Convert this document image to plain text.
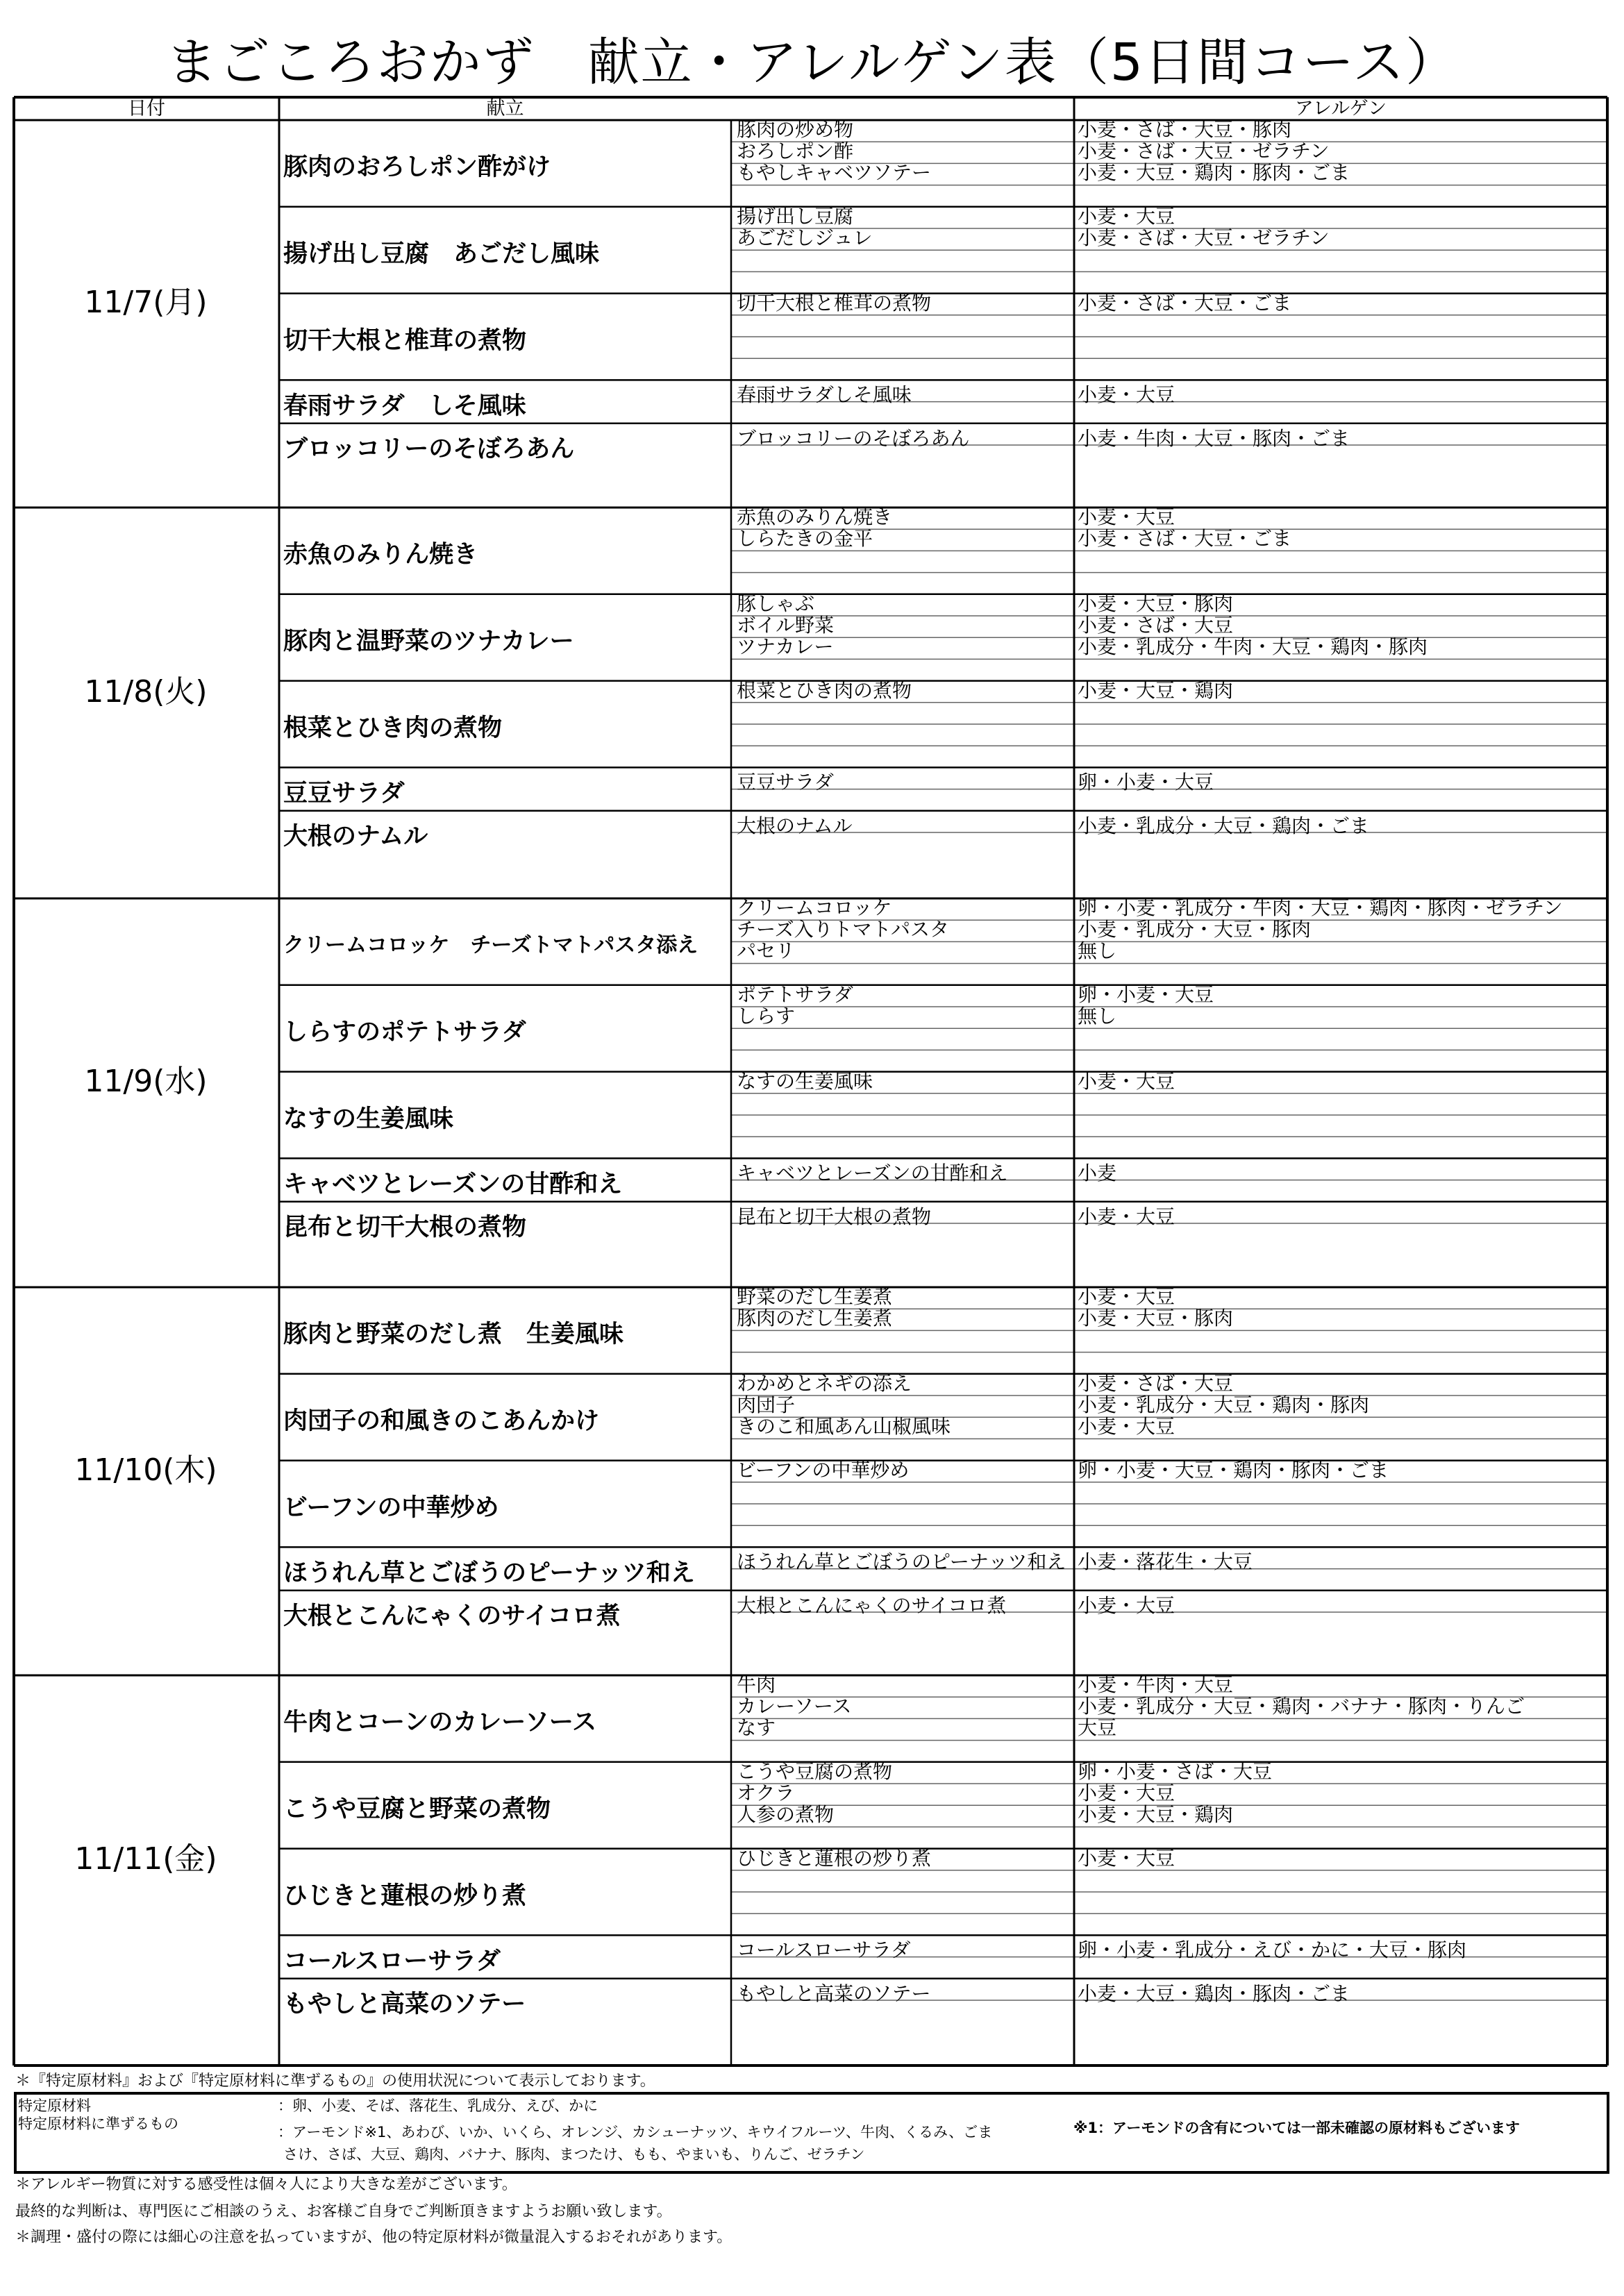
まごころおかず　献立・アレルゲン表（5日間コース）
日付	献立	アレルゲン
11/7(月)
豚肉のおろしポン酢がけ
豚肉の炒め物	小麦・さば・大豆・豚肉
おろしポン酢	小麦・さば・大豆・ゼラチン
もやしキャベツソテー	小麦・大豆・鶏肉・豚肉・ごま
揚げ出し豆腐　あごだし風味
揚げ出し豆腐	小麦・大豆
あごだしジュレ	小麦・さば・大豆・ゼラチン
切干大根と椎茸の煮物
切干大根と椎茸の煮物	小麦・さば・大豆・ごま
春雨サラダ　しそ風味	春雨サラダしそ風味	小麦・大豆
ブロッコリーのそぼろあん	ブロッコリーのそぼろあん	小麦・牛肉・大豆・豚肉・ごま
11/8(火)
赤魚のみりん焼き
赤魚のみりん焼き	小麦・大豆
しらたきの金平	小麦・さば・大豆・ごま
豚肉と温野菜のツナカレー
豚しゃぶ	小麦・大豆・豚肉
ボイル野菜	小麦・さば・大豆
ツナカレー	小麦・乳成分・牛肉・大豆・鶏肉・豚肉
根菜とひき肉の煮物
根菜とひき肉の煮物	小麦・大豆・鶏肉
豆豆サラダ	豆豆サラダ	卵・小麦・大豆
大根のナムル	大根のナムル	小麦・乳成分・大豆・鶏肉・ごま
11/9(水)
クリームコロッケ　チーズトマトパスタ添え
クリームコロッケ	卵・小麦・乳成分・牛肉・大豆・鶏肉・豚肉・ゼラチン
チーズ入りトマトパスタ	小麦・乳成分・大豆・豚肉
パセリ	無し
しらすのポテトサラダ
ポテトサラダ	卵・小麦・大豆
しらす	無し
なすの生姜風味
なすの生姜風味	小麦・大豆
キャベツとレーズンの甘酢和え	キャベツとレーズンの甘酢和え	小麦
昆布と切干大根の煮物	昆布と切干大根の煮物	小麦・大豆
11/10(木)
豚肉と野菜のだし煮　生姜風味
野菜のだし生姜煮	小麦・大豆
豚肉のだし生姜煮	小麦・大豆・豚肉
肉団子の和風きのこあんかけ
わかめとネギの添え	小麦・さば・大豆
肉団子	小麦・乳成分・大豆・鶏肉・豚肉
きのこ和風あん山椒風味	小麦・大豆
ビーフンの中華炒め
ビーフンの中華炒め	卵・小麦・大豆・鶏肉・豚肉・ごま
ほうれん草とごぼうのピーナッツ和え	ほうれん草とごぼうのピーナッツ和え 小麦・落花生・大豆
大根とこんにゃくのサイコロ煮	大根とこんにゃくのサイコロ煮	小麦・大豆
11/11(金)
牛肉とコーンのカレーソース
牛肉	小麦・牛肉・大豆
カレーソース	小麦・乳成分・大豆・鶏肉・バナナ・豚肉・りんご
なす	大豆
こうや豆腐と野菜の煮物
こうや豆腐の煮物	卵・小麦・さば・大豆
オクラ	小麦・大豆
人参の煮物	小麦・大豆・鶏肉
ひじきと蓮根の炒り煮
ひじきと蓮根の炒り煮	小麦・大豆
コールスローサラダ	コールスローサラダ	卵・小麦・乳成分・えび・かに・大豆・豚肉
もやしと高菜のソテー	もやしと高菜のソテー	小麦・大豆・鶏肉・豚肉・ごま
＊『特定原材料』および『特定原材料に準ずるもの』の使用状況について表示しております。
特定原材料
特定原材料に準ずるもの
：卵、小麦、そば、落花生、乳成分、えび、かに
：アーモンド※1、あわび、いか、いくら、オレンジ、カシューナッツ、キウイフルーツ、牛肉、くるみ、ごま
さけ、さば、大豆、鶏肉、バナナ、豚肉、まつたけ、もも、やまいも、りんご、ゼラチン
※1：アーモンドの含有については一部未確認の原材料もございます
＊アレルギー物質に対する感受性は個々人により大きな差がございます。
最終的な判断は、専門医にご相談のうえ、お客様ご自身でご判断頂きますようお願い致します。
＊調理・盛付の際には細心の注意を払っていますが、他の特定原材料が微量混入するおそれがあります。
